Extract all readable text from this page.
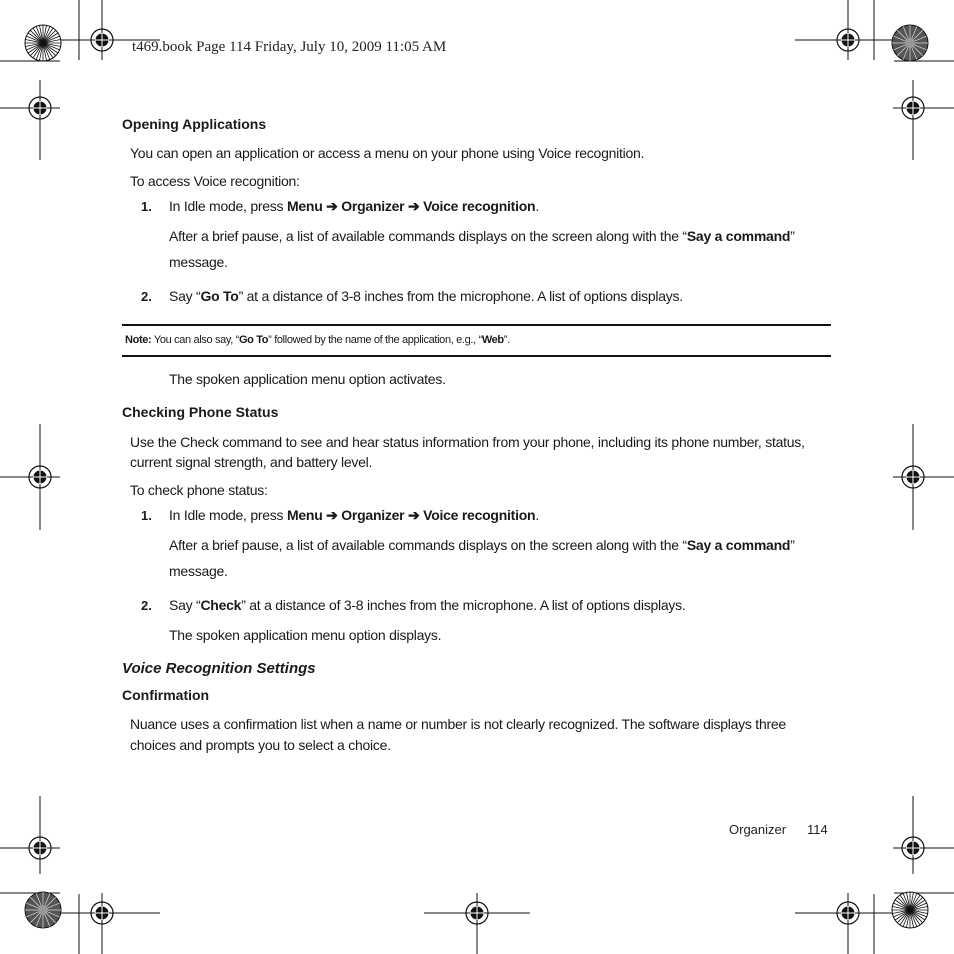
t469.book Page 114 Friday, July 10, 2009 11:05 AM
Opening Applications
You can open an application or access a menu on your phone using Voice recognition.
To access Voice recognition:
1. In Idle mode, press Menu ➔ Organizer ➔ Voice recognition.
After a brief pause, a list of available commands displays on the screen along with the “Say a command”
message.
2. Say “Go To” at a distance of 3-8 inches from the microphone. A list of options displays.
Note: You can also say, “Go To” followed by the name of the application, e.g., “Web”.
The spoken application menu option activates.
Checking Phone Status
Use the Check command to see and hear status information from your phone, including its phone number, status,
current signal strength, and battery level.
To check phone status:
1. In Idle mode, press Menu ➔ Organizer ➔ Voice recognition.
After a brief pause, a list of available commands displays on the screen along with the “Say a command”
message.
2. Say “Check” at a distance of 3-8 inches from the microphone. A list of options displays.
The spoken application menu option displays.
Voice Recognition Settings
Confirmation
Nuance uses a confirmation list when a name or number is not clearly recognized. The software displays three
choices and prompts you to select a choice.
Organizer 114
